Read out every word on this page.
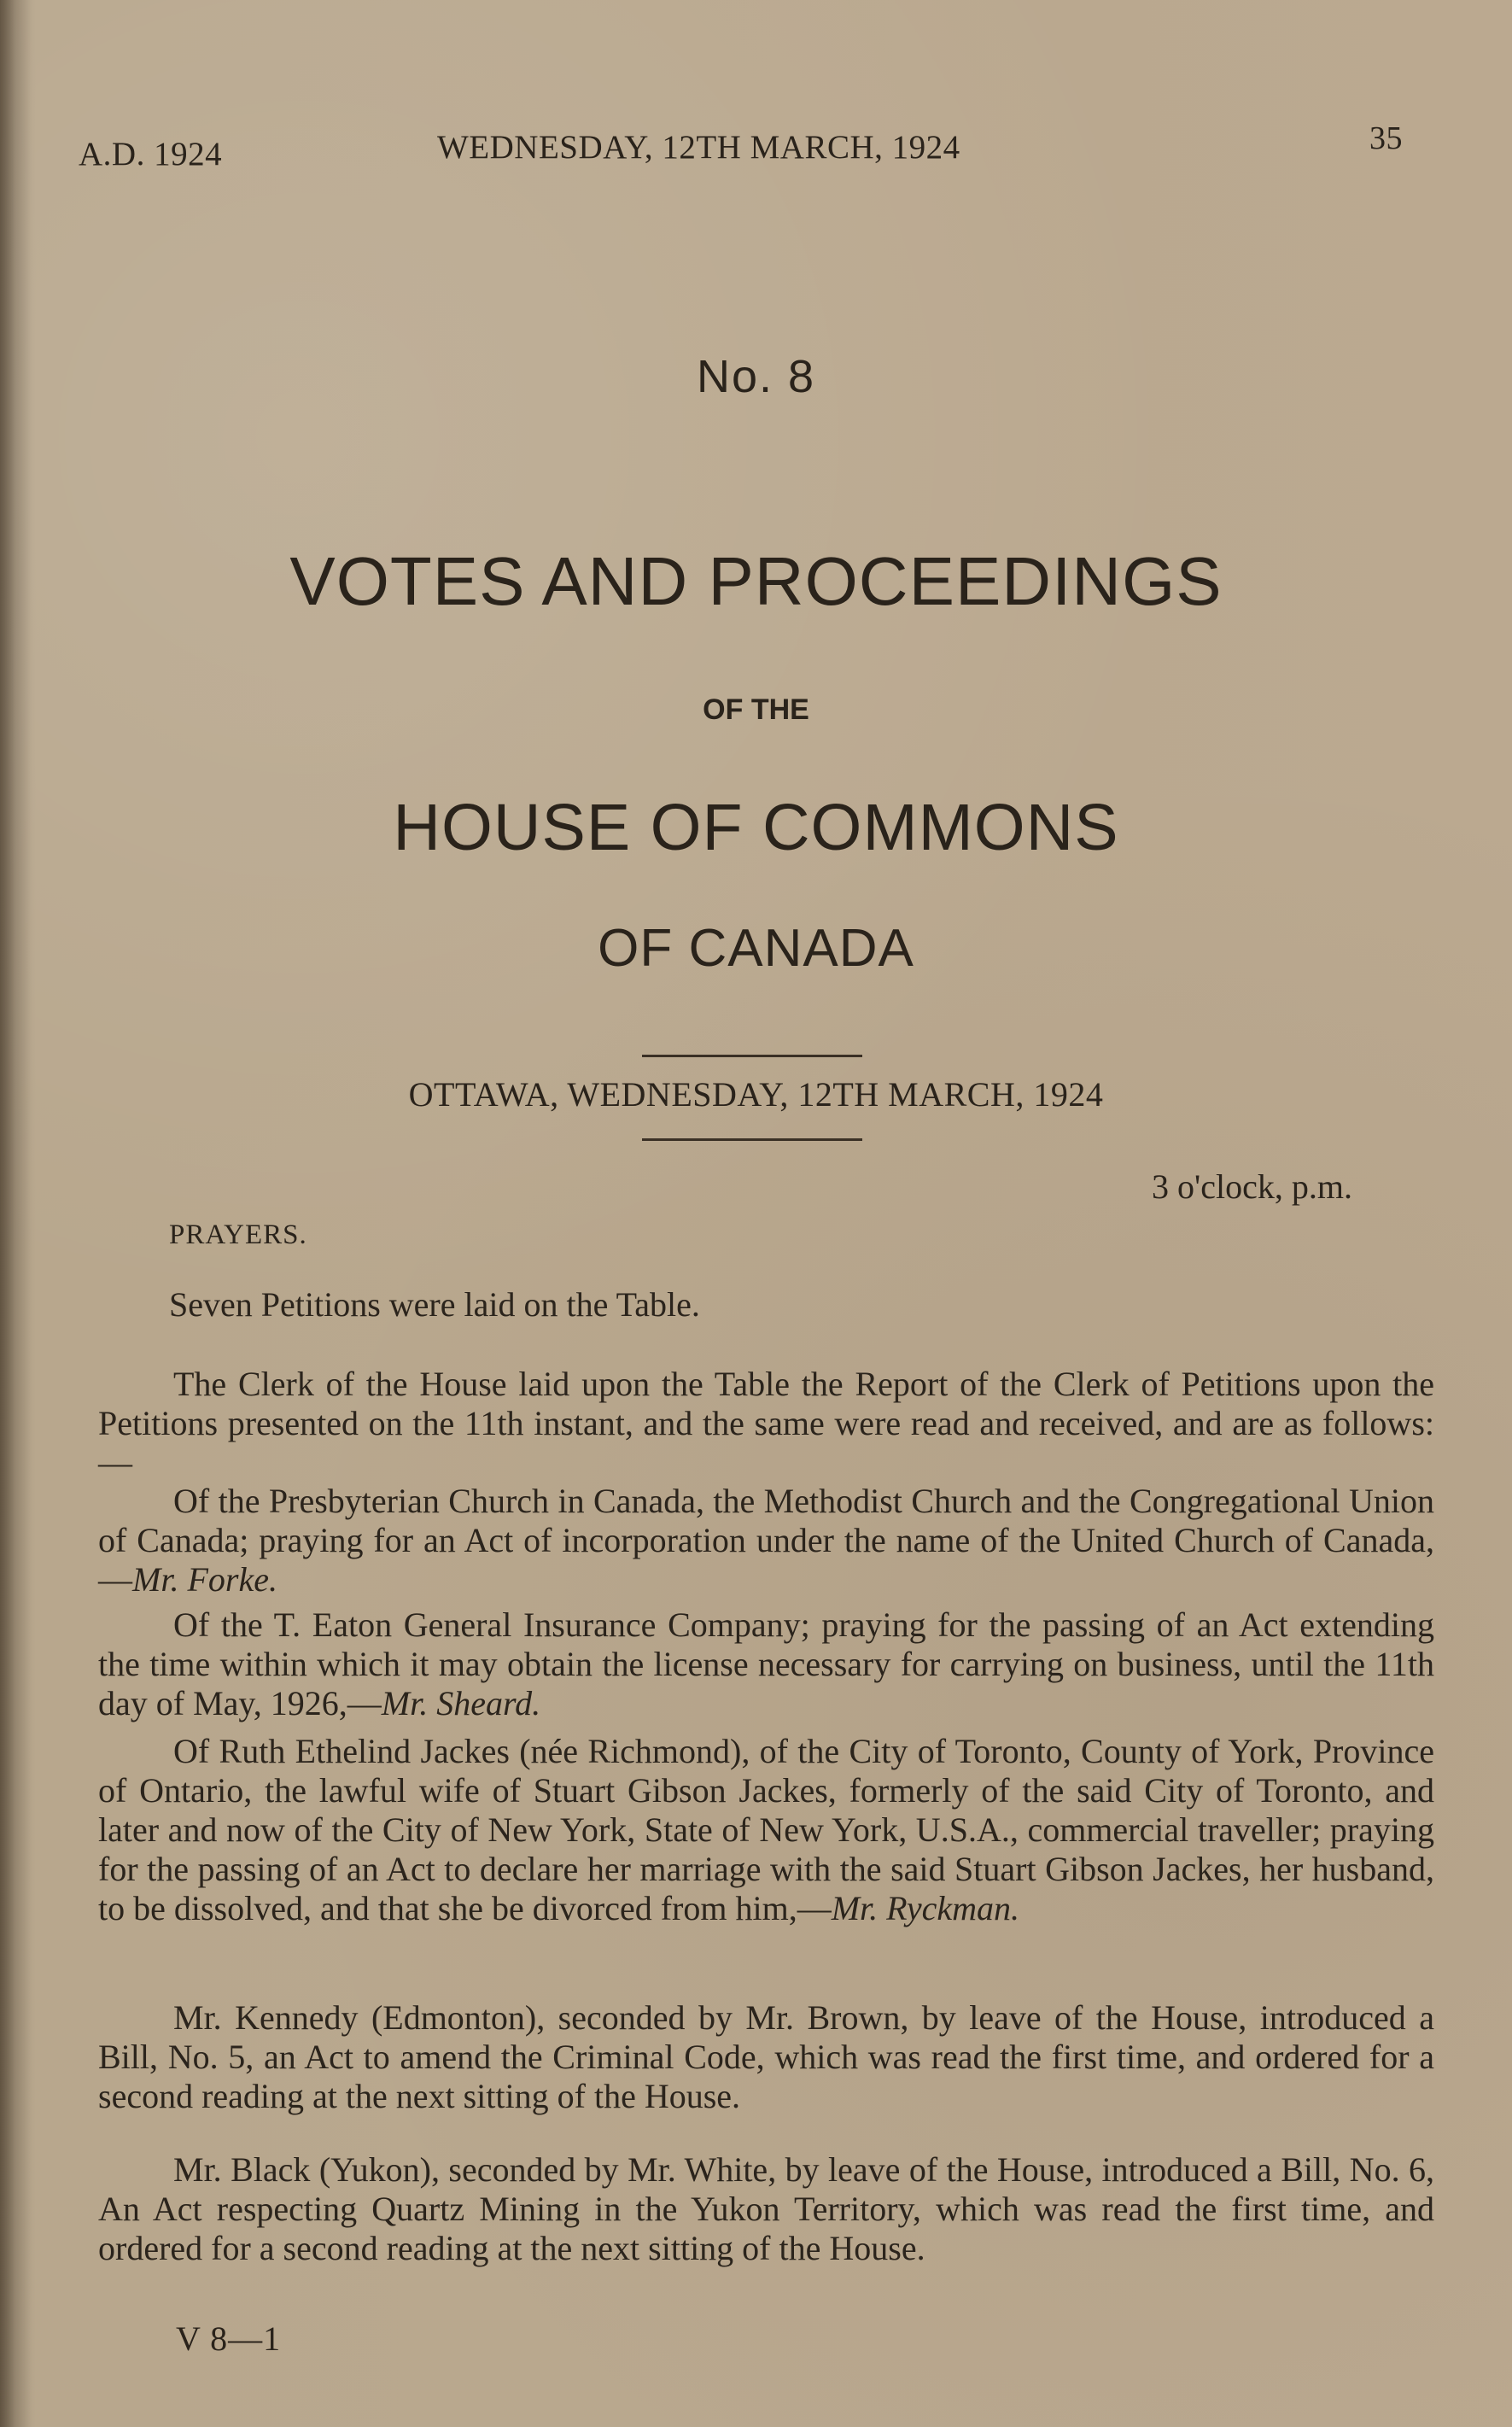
A.D. 1924	WEDNESDAY, 12TH MARCH, 1924	35
No. 8
VOTES AND PROCEEDINGS
OF THE
HOUSE OF COMMONS
OF CANADA
OTTAWA, WEDNESDAY, 12TH MARCH, 1924
3 o'clock, p.m.
PRAYERS.
Seven Petitions were laid on the Table.
The Clerk of the House laid upon the Table the Report of the Clerk of Petitions upon the Petitions presented on the 11th instant, and the same were read and received, and are as follows:—
Of the Presbyterian Church in Canada, the Methodist Church and the Congregational Union of Canada; praying for an Act of incorporation under the name of the United Church of Canada,—Mr. Forke.
Of the T. Eaton General Insurance Company; praying for the passing of an Act extending the time within which it may obtain the license necessary for carrying on business, until the 11th day of May, 1926,—Mr. Sheard.
Of Ruth Ethelind Jackes (née Richmond), of the City of Toronto, County of York, Province of Ontario, the lawful wife of Stuart Gibson Jackes, formerly of the said City of Toronto, and later and now of the City of New York, State of New York, U.S.A., commercial traveller; praying for the passing of an Act to declare her marriage with the said Stuart Gibson Jackes, her husband, to be dissolved, and that she be divorced from him,—Mr. Ryckman.
Mr. Kennedy (Edmonton), seconded by Mr. Brown, by leave of the House, introduced a Bill, No. 5, an Act to amend the Criminal Code, which was read the first time, and ordered for a second reading at the next sitting of the House.
Mr. Black (Yukon), seconded by Mr. White, by leave of the House, introduced a Bill, No. 6, An Act respecting Quartz Mining in the Yukon Territory, which was read the first time, and ordered for a second reading at the next sitting of the House.
V 8—1
